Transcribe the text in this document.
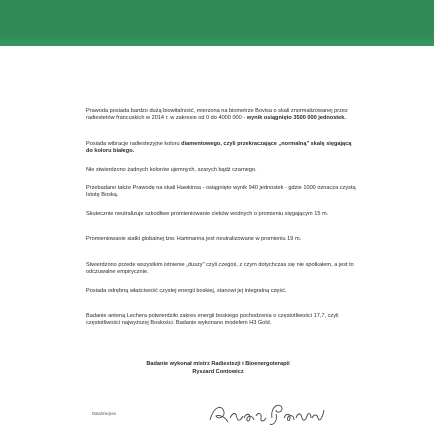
Prawoda posiada bardzo dużą biowitalność, mierzona na biometrze Bovisa o skali znormalizowanej przez radiestetów francuskich w 2014 r. w zakresie od 0 do 4000 000 - wynik osiągnięto 3500 000 jednostek.

Posiada wibracje radiestezyjne koloru diamentowego, czyli przekraczające „normalną" skalę sięgającą do koloru białego.

Nie stwierdzono żadnych kolorów ujemnych, szarych bądź czarnego.

Przebadano także Prawodę na skali Hawkinsa - osiągnięto wynik 940 jednostek - gdzie 1000 oznacza czystą Istotę Boską.

Skutecznie neutralizuje szkodliwe promieniowanie cieków wodnych o promieniu sięgającym 15 m.

Promieniowanie siatki globalnej tzw. Hartmanna jest neutralizowane w promieniu 19 m.

Stwierdzono przede wszystkim istnienie „duszy" czyli czegoś, z czym dotychczas się nie spotkałem, a jest to odczuwalne empirycznie.

Posiada odrębną właściwość czystej energii boskiej, stanowi jej integralną część.

Badanie anteną Lechera potwierdziło zakres energii boskiego pochodzenia o częstotliwości 17,7, czyli częstotliwości najwyższej Boskości. Badanie wykonano modelem H3 Gold.

Badanie wykonał mistrz Radiestezji i Bioenergoterapii
Ryszard Contowicz
Data/miejsce
